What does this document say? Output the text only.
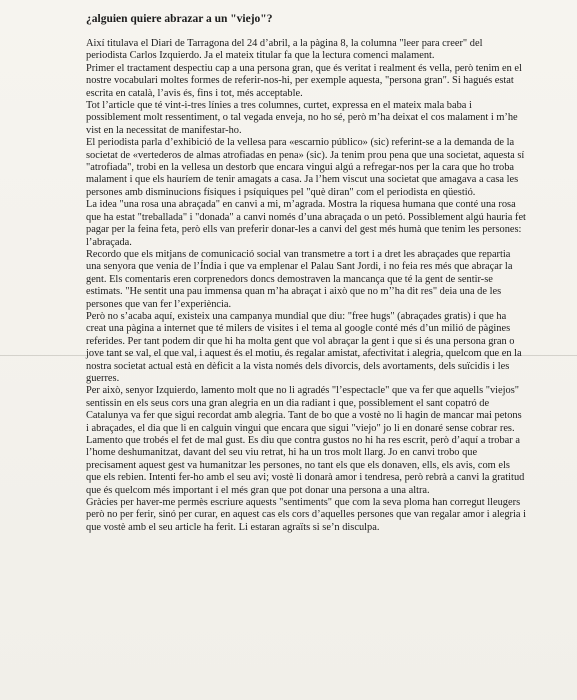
¿alguien quiere abrazar a un "viejo"?

Així titulava el Diari de Tarragona del 24 d’abril, a la pàgina 8, la columna "leer para creer" del periodista Carlos Izquierdo. Ja el mateix titular fa que la lectura comenci malament.

Primer el tractament despectiu cap a una persona gran, que és veritat i realment és vella, però tenim en el nostre vocabulari moltes formes de referir-nos-hi, per exemple aquesta, "persona gran". Si hagués estat escrita en català, l’avis és, fins i tot, més acceptable.

Tot l’article que té vint-i-tres línies a tres columnes, curtet, expressa en el mateix mala baba i possiblement molt ressentiment, o tal vegada enveja, no ho sé, però m’ha deixat el cos malament i m’he vist en la necessitat de manifestar-ho.

El periodista parla d’exhibició de la vellesa para «escarnio público» (sic) referint-se a la demanda de la societat de «vertederos de almas atrofiadas en pena» (sic). Ja tenim prou pena que una societat, aquesta sí "atrofiada", trobi en la vellesa un destorb que encara vingui algú a refregar-nos per la cara que ho troba malament i que els hauríem de tenir amagats a casa. Ja l’hem viscut una societat que amagava a casa les persones amb disminucions físiques i psíquiques pel "què diran" com el periodista en qüestió.

La idea "una rosa una abraçada" en canvi a mi, m’agrada. Mostra la riquesa humana que conté una rosa que ha estat "treballada" i "donada" a canvi només d’una abraçada o un petó. Possiblement algú hauria fet pagar per la feina feta, però ells van preferir donar-les a canvi del gest més humà que tenim les persones: l’abraçada.

Recordo que els mitjans de comunicació social van transmetre a tort i a dret les abraçades que repartia una senyora que venia de l’Índia i que va emplenar el Palau Sant Jordi, i no feia res més que abraçar la gent. Els comentaris eren corprenedors doncs demostraven la mancança que té la gent de sentir-se estimats. "He sentit una pau immensa quan m’ha abraçat i això que no m’’ha dit res" deia una de les persones que van fer l’experiència.

Però no s’acaba aquí, existeix una campanya mundial que diu: "free hugs" (abraçades gratis) i que ha creat una pàgina a internet que té milers de visites i el tema al google conté més d’un milió de pàgines referides. Per tant podem dir que hi ha molta gent que vol abraçar la gent i que si és una persona gran o jove tant se val, el que val, i aquest és el motiu, és regalar amistat, afectivitat i alegria, quelcom que en la nostra societat actual està en dèficit a la vista només dels divorcis, dels avortaments, dels suïcidis i les guerres.

Per això, senyor Izquierdo, lamento molt que no li agradés "l’espectacle" que va fer que aquells "viejos" sentissin en els seus cors una gran alegria en un dia radiant i que, possiblement el sant copatró de Catalunya va fer que sigui recordat amb alegria. Tant de bo que a vostè no li hagin de mancar mai petons i abraçades, el dia que li en calguin vingui que encara que sigui "viejo" jo li en donaré sense cobrar res.

Lamento que trobés el fet de mal gust. Es diu que contra gustos no hi ha res escrit, però d’aquí a trobar a l’home deshumanitzat, davant del seu viu retrat, hi ha un tros molt llarg. Jo en canvi trobo que precisament aquest gest va humanitzar les persones, no tant els que els donaven, ells, els avis, com els que els rebien. Intenti fer-ho amb el seu avi; vostè li donarà amor i tendresa, però rebrà a canvi la gratitud que és quelcom més important i el més gran que pot donar una persona a una altra.

Gràcies per haver-me permès escriure aquests "sentiments" que com la seva ploma han corregut lleugers però no per ferir, sinó per curar, en aquest cas els cors d’aquelles persones que van regalar amor i alegria i que vostè amb el seu article ha ferit. Li estaran agraïts si se’n disculpa.
